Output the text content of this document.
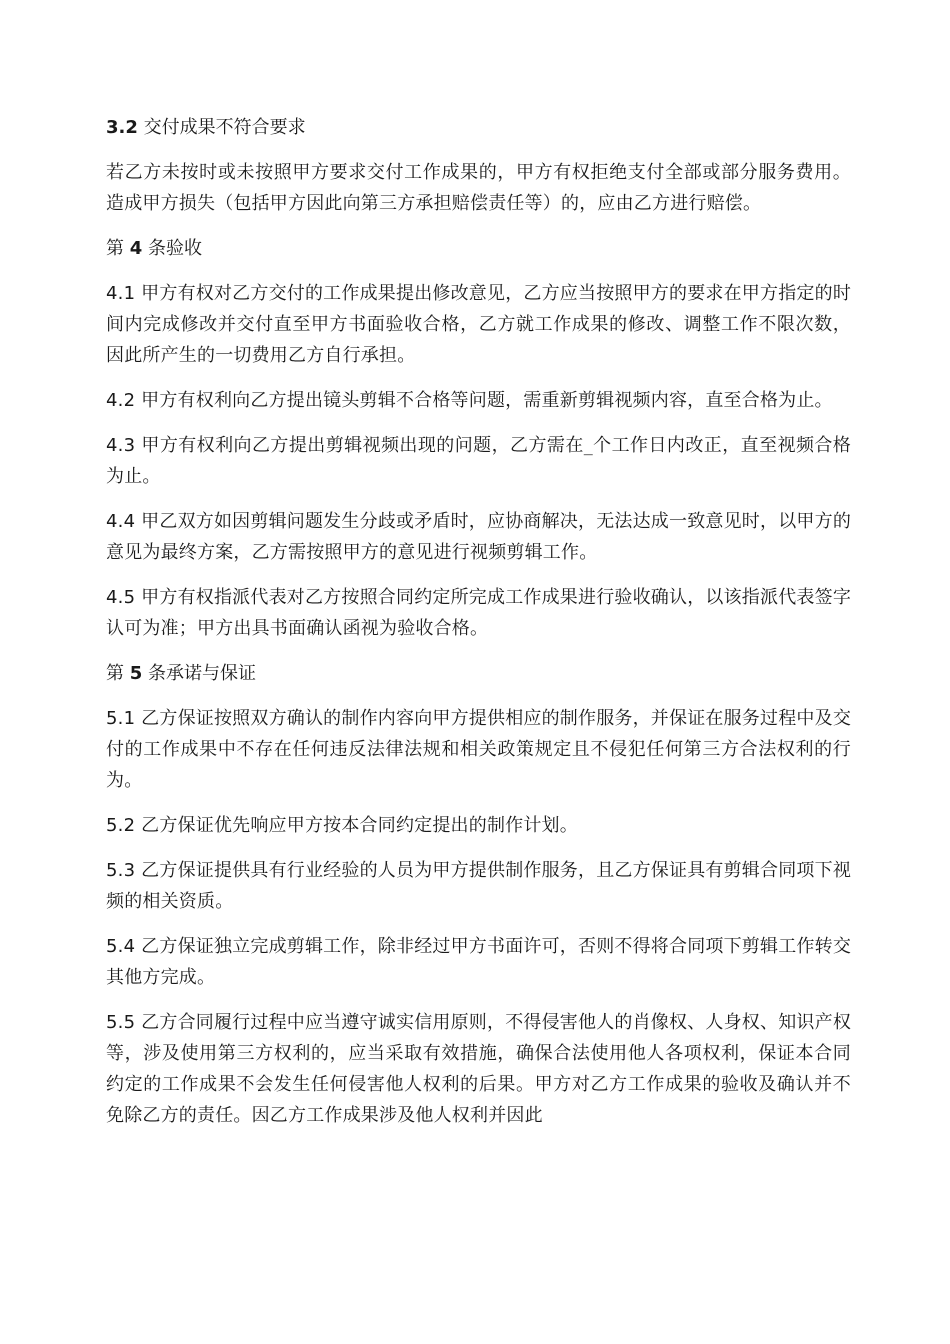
3.2 交付成果不符合要求

若乙方未按时或未按照甲方要求交付工作成果的，甲方有权拒绝支付全部或部分服务费用。造成甲方损失（包括甲方因此向第三方承担赔偿责任等）的，应由乙方进行赔偿。

第 4 条验收

4.1 甲方有权对乙方交付的工作成果提出修改意见，乙方应当按照甲方的要求在甲方指定的时间内完成修改并交付直至甲方书面验收合格，乙方就工作成果的修改、调整工作不限次数，因此所产生的一切费用乙方自行承担。

4.2 甲方有权利向乙方提出镜头剪辑不合格等问题，需重新剪辑视频内容，直至合格为止。

4.3 甲方有权利向乙方提出剪辑视频出现的问题，乙方需在_个工作日内改正，直至视频合格为止。

4.4 甲乙双方如因剪辑问题发生分歧或矛盾时，应协商解决，无法达成一致意见时，以甲方的意见为最终方案，乙方需按照甲方的意见进行视频剪辑工作。

4.5 甲方有权指派代表对乙方按照合同约定所完成工作成果进行验收确认，以该指派代表签字认可为准；甲方出具书面确认函视为验收合格。

第 5 条承诺与保证

5.1 乙方保证按照双方确认的制作内容向甲方提供相应的制作服务，并保证在服务过程中及交付的工作成果中不存在任何违反法律法规和相关政策规定且不侵犯任何第三方合法权利的行为。

5.2 乙方保证优先响应甲方按本合同约定提出的制作计划。

5.3 乙方保证提供具有行业经验的人员为甲方提供制作服务，且乙方保证具有剪辑合同项下视频的相关资质。

5.4 乙方保证独立完成剪辑工作，除非经过甲方书面许可，否则不得将合同项下剪辑工作转交其他方完成。

5.5 乙方合同履行过程中应当遵守诚实信用原则，不得侵害他人的肖像权、人身权、知识产权等，涉及使用第三方权利的，应当采取有效措施，确保合法使用他人各项权利，保证本合同约定的工作成果不会发生任何侵害他人权利的后果。甲方对乙方工作成果的验收及确认并不免除乙方的责任。因乙方工作成果涉及他人权利并因此
